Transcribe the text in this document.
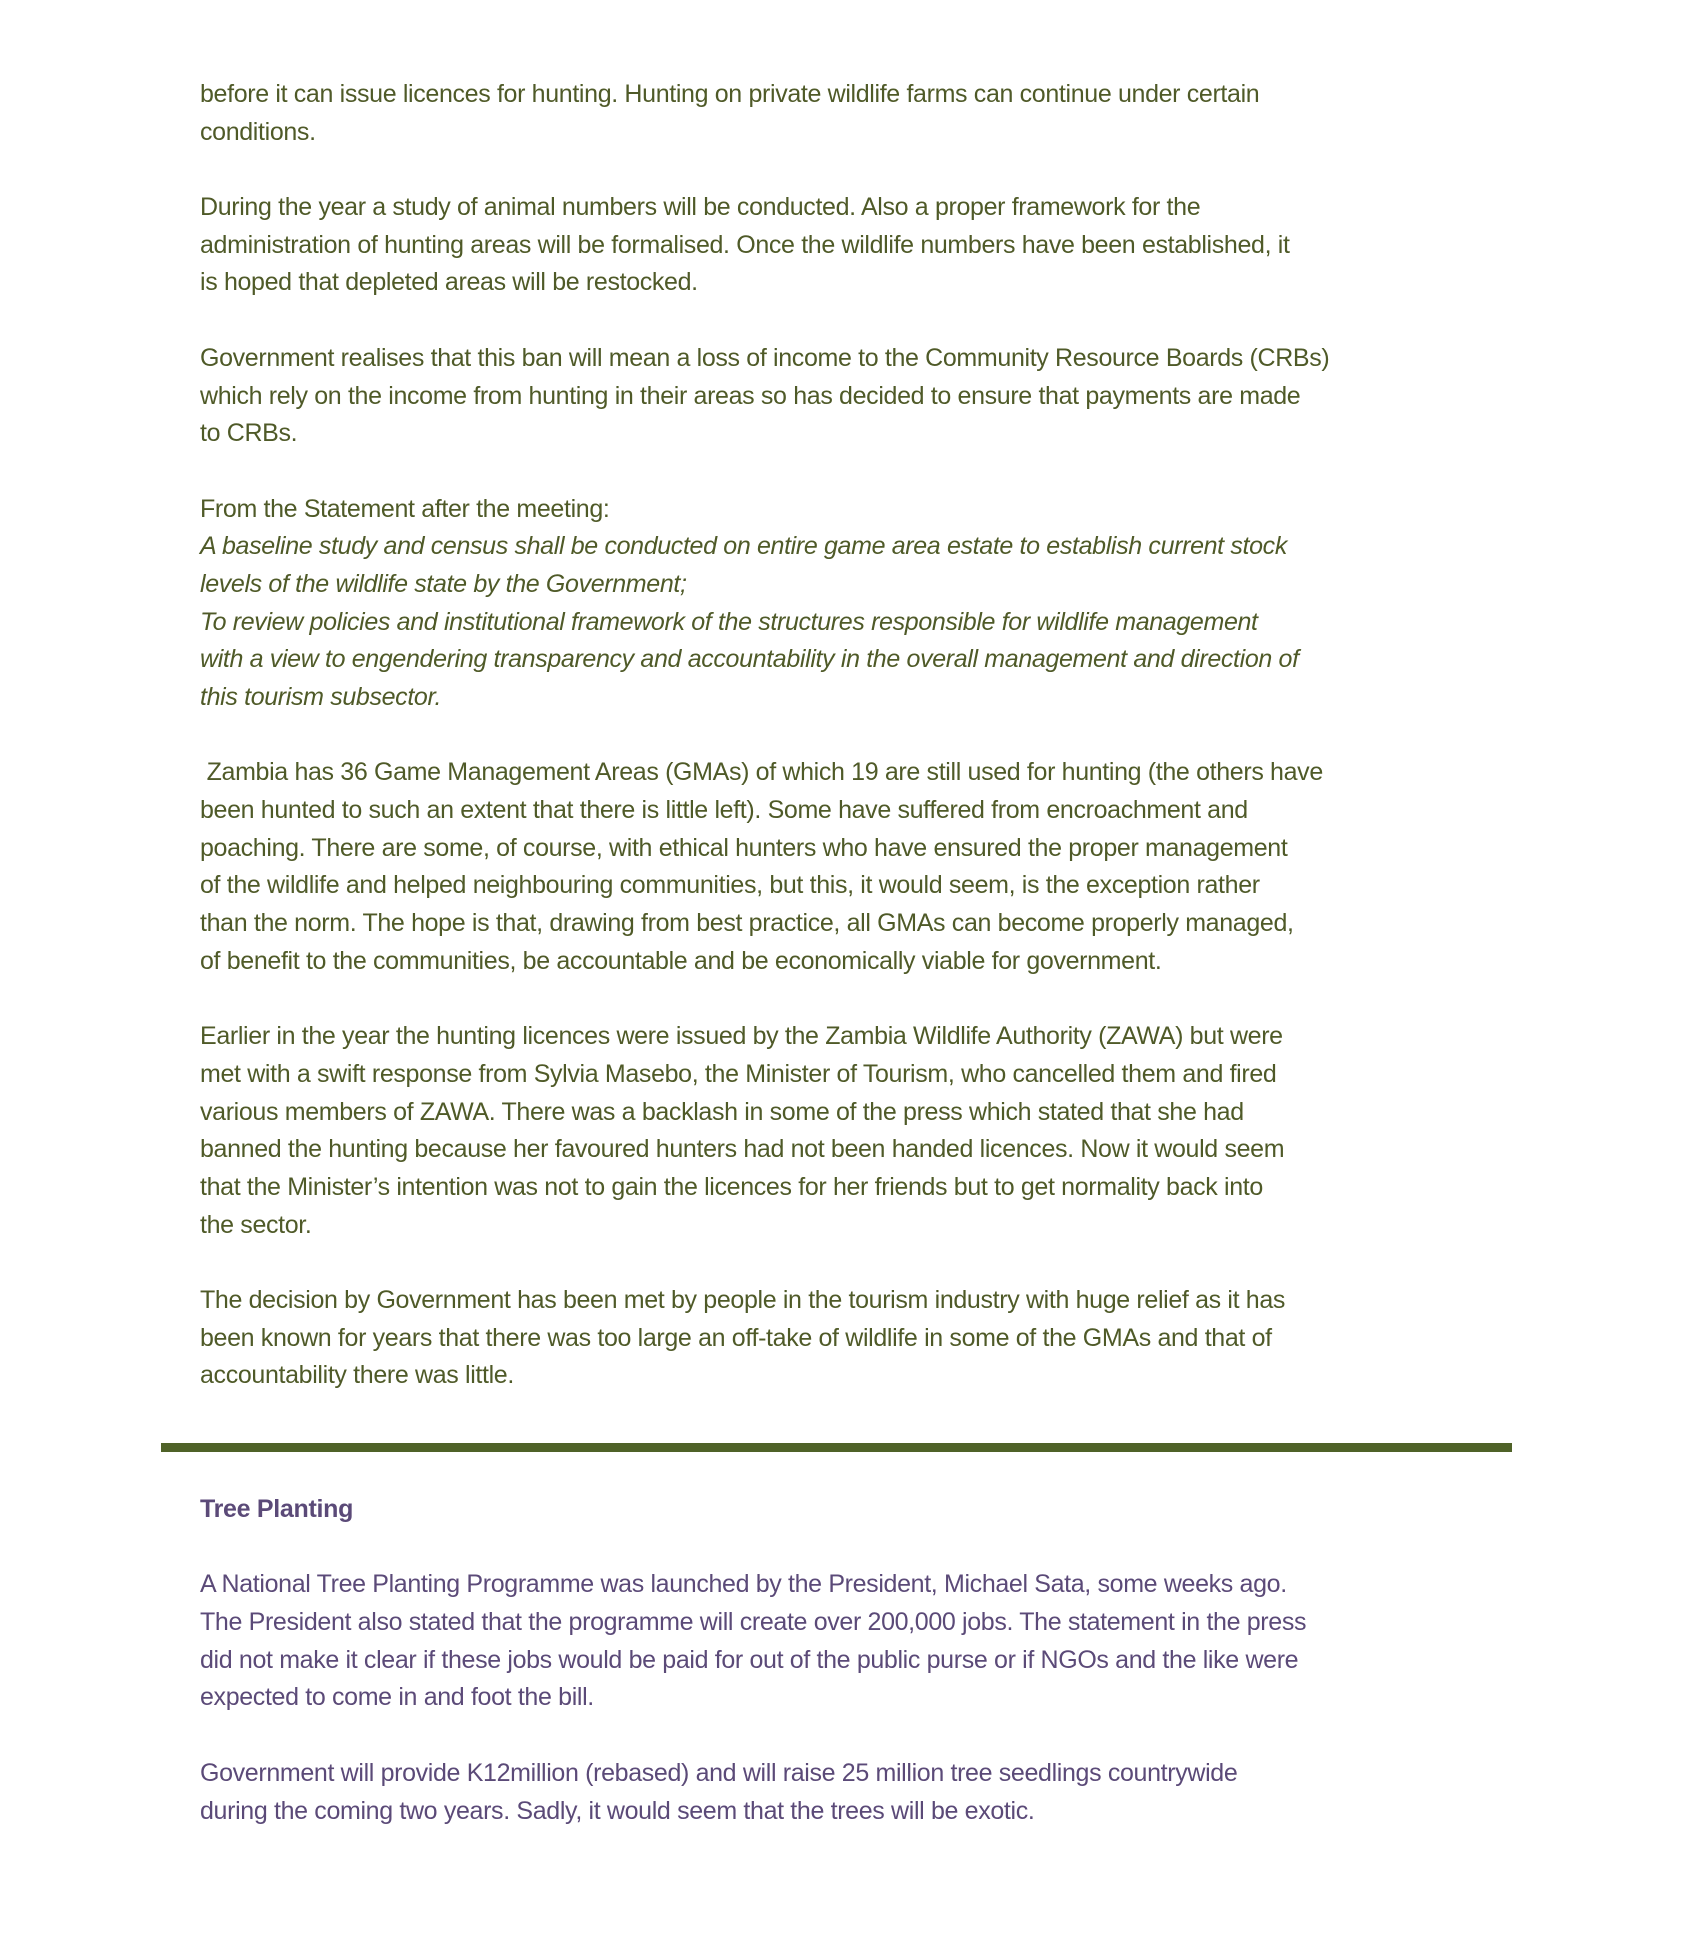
before it can issue licences for hunting. Hunting on private wildlife farms can continue under certain
conditions.
During the year a study of animal numbers will be conducted. Also a proper framework for the
administration of hunting areas will be formalised. Once the wildlife numbers have been established, it
is hoped that depleted areas will be restocked.
Government realises that this ban will mean a loss of income to the Community Resource Boards (CRBs)
which rely on the income from hunting in their areas so has decided to ensure that payments are made
to CRBs.
From the Statement after the meeting:
A baseline study and census shall be conducted on entire game area estate to establish current stock
levels of the wildlife state by the Government;
To review policies and institutional framework of the structures responsible for wildlife management
with a view to engendering transparency and accountability in the overall management and direction of
this tourism subsector.
Zambia has 36 Game Management Areas (GMAs) of which 19 are still used for hunting (the others have
been hunted to such an extent that there is little left). Some have suffered from encroachment and
poaching. There are some, of course, with ethical hunters who have ensured the proper management
of the wildlife and helped neighbouring communities, but this, it would seem, is the exception rather
than the norm. The hope is that, drawing from best practice, all GMAs can become properly managed,
of benefit to the communities, be accountable and be economically viable for government.
Earlier in the year the hunting licences were issued by the Zambia Wildlife Authority (ZAWA) but were
met with a swift response from Sylvia Masebo, the Minister of Tourism, who cancelled them and fired
various members of ZAWA. There was a backlash in some of the press which stated that she had
banned the hunting because her favoured hunters had not been handed licences. Now it would seem
that the Minister’s intention was not to gain the licences for her friends but to get normality back into
the sector.
The decision by Government has been met by people in the tourism industry with huge relief as it has
been known for years that there was too large an off-take of wildlife in some of the GMAs and that of
accountability there was little.
Tree Planting
A National Tree Planting Programme was launched by the President, Michael Sata, some weeks ago.
The President also stated that the programme will create over 200,000 jobs. The statement in the press
did not make it clear if these jobs would be paid for out of the public purse or if NGOs and the like were
expected to come in and foot the bill.
Government will provide K12million (rebased) and will raise 25 million tree seedlings countrywide
during the coming two years. Sadly, it would seem that the trees will be exotic.
